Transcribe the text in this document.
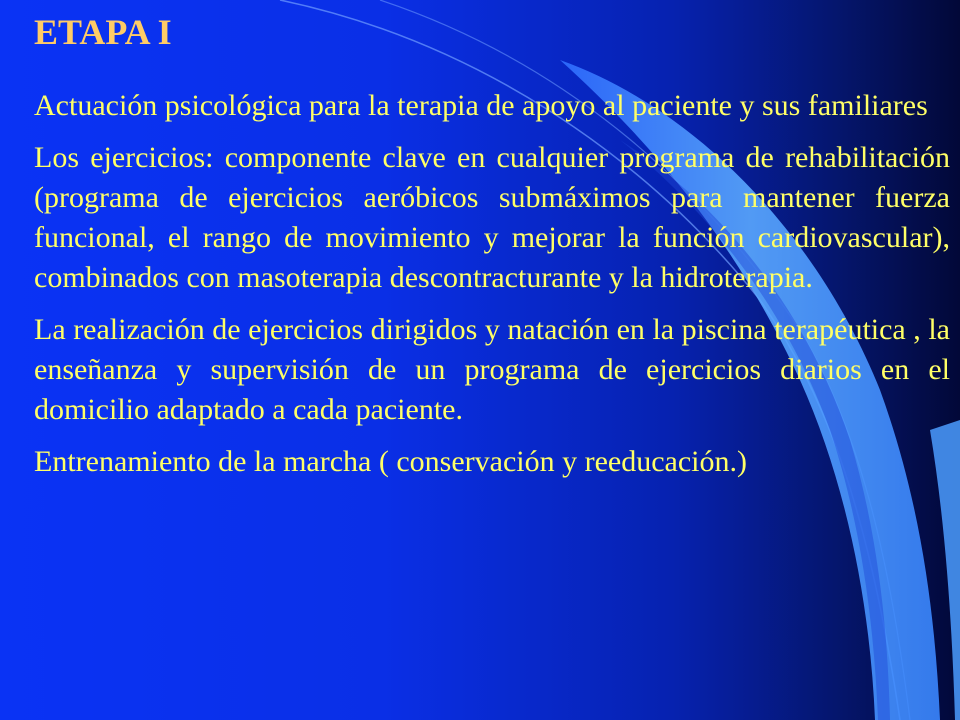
ETAPA I

Actuación psicológica para la terapia de apoyo al paciente y sus familiares

Los ejercicios: componente clave en cualquier programa de rehabilitación (programa de ejercicios aeróbicos submáximos para mantener fuerza funcional, el rango de movimiento y mejorar la función cardiovascular), combinados con masoterapia descontracturante y la hidroterapia.

La realización de ejercicios dirigidos y natación en la piscina terapéutica , la enseñanza y supervisión de un programa de ejercicios diarios en el domicilio adaptado a cada paciente.

Entrenamiento de la marcha ( conservación y reeducación.)
